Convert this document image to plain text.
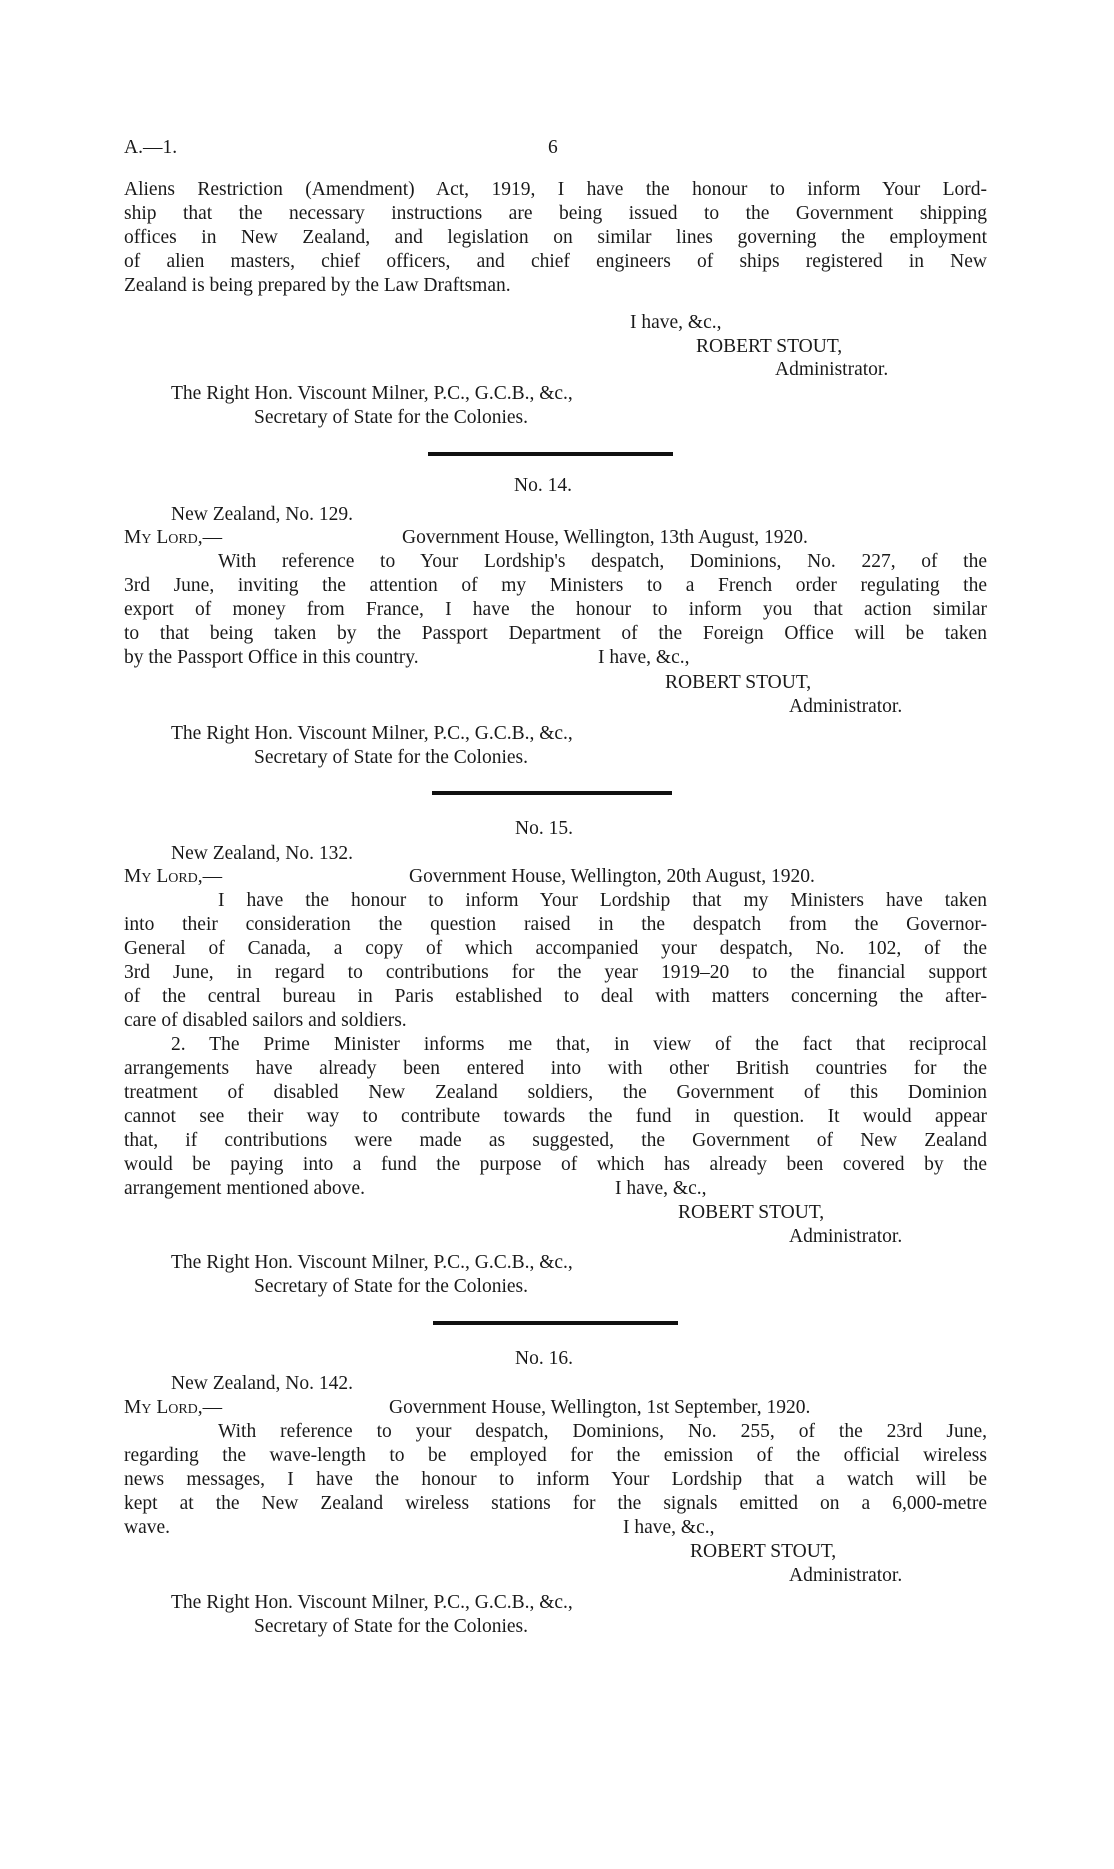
A.—1.	6
Aliens Restriction (Amendment) Act, 1919, I have the honour to inform Your Lord-
ship that the necessary instructions are being issued to the Government shipping
offices in New Zealand, and legislation on similar lines governing the employment
of alien masters, chief officers, and chief engineers of ships registered in New
Zealand is being prepared by the Law Draftsman.
I have, &c.,
ROBERT STOUT,
Administrator.
The Right Hon. Viscount Milner, P.C., G.C.B., &c.,
Secretary of State for the Colonies.
No. 14.
New Zealand, No. 129.
My Lord,—	Government House, Wellington, 13th August, 1920.
With reference to Your Lordship's despatch, Dominions, No. 227, of the
3rd June, inviting the attention of my Ministers to a French order regulating the
export of money from France, I have the honour to inform you that action similar
to that being taken by the Passport Department of the Foreign Office will be taken
by the Passport Office in this country.	I have, &c.,
ROBERT STOUT,
Administrator.
The Right Hon. Viscount Milner, P.C., G.C.B., &c.,
Secretary of State for the Colonies.
No. 15.
New Zealand, No. 132.
My Lord,—	Government House, Wellington, 20th August, 1920.
I have the honour to inform Your Lordship that my Ministers have taken
into their consideration the question raised in the despatch from the Governor-
General of Canada, a copy of which accompanied your despatch, No. 102, of the
3rd June, in regard to contributions for the year 1919–20 to the financial support
of the central bureau in Paris established to deal with matters concerning the after-
care of disabled sailors and soldiers.
2. The Prime Minister informs me that, in view of the fact that reciprocal
arrangements have already been entered into with other British countries for the
treatment of disabled New Zealand soldiers, the Government of this Dominion
cannot see their way to contribute towards the fund in question. It would appear
that, if contributions were made as suggested, the Government of New Zealand
would be paying into a fund the purpose of which has already been covered by the
arrangement mentioned above.	I have, &c.,
ROBERT STOUT,
Administrator.
The Right Hon. Viscount Milner, P.C., G.C.B., &c.,
Secretary of State for the Colonies.
No. 16.
New Zealand, No. 142.
My Lord,—	Government House, Wellington, 1st September, 1920.
With reference to your despatch, Dominions, No. 255, of the 23rd June,
regarding the wave-length to be employed for the emission of the official wireless
news messages, I have the honour to inform Your Lordship that a watch will be
kept at the New Zealand wireless stations for the signals emitted on a 6,000-metre
wave.	I have, &c.,
ROBERT STOUT,
Administrator.
The Right Hon. Viscount Milner, P.C., G.C.B., &c.,
Secretary of State for the Colonies.
